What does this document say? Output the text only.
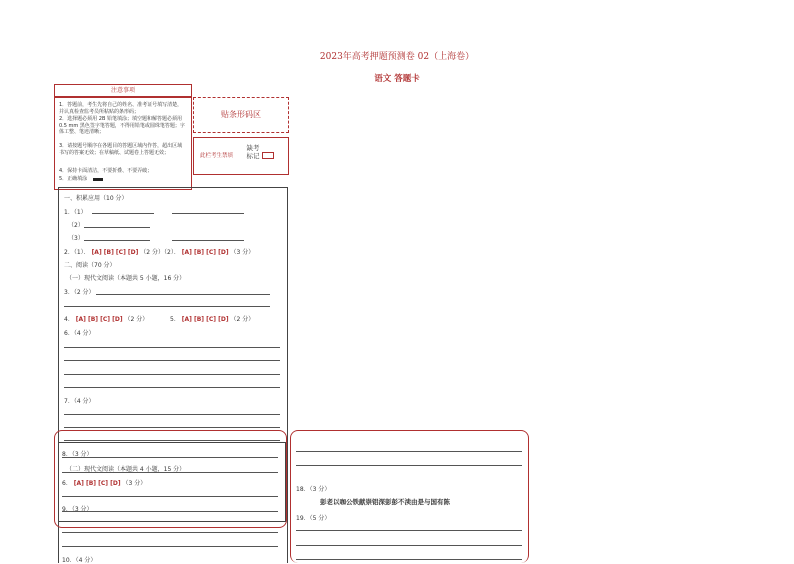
2023年高考押题预测卷 02（上海卷）
语文 答题卡
注意事项
1．答题前，考生先将自己的姓名、准考证号填写清楚，并认真检查监考员所粘贴的条形码；
2．选择题必须用 2B 铅笔填涂；填空题和解答题必须用 0.5 mm 黑色签字笔答题，不得用铅笔或圆珠笔答题；字体工整、笔迹清晰；
3．请按题号顺序在各题目的答题区域内作答，超出区域书写的答案无效；在草稿纸、试题卷上答题无效；
4．保持卡面清洁，不要折叠、不要弄破；
5．正确填涂
贴条形码区
此栏考生禁填
缺考标记
一、积累应用（10 分）
1．（1）
（2）
（3）
2．（1）． [A] [B] [C] [D] （2 分）（2）． [A] [B] [C] [D] （3 分）
二、阅读（70 分）
（一）现代文阅读（本题共 5 小题，16 分）
3．（2 分）
4． [A] [B] [C] [D] （2 分）	5． [A] [B] [C] [D] （2 分）
6．（4 分）
7．（4 分）
8．（3 分）
（二）现代文阅读（本题共 4 小题，15 分）
6． [A] [B] [C] [D] （3 分）
9．（3 分）
10．（4 分）
18．（3 分）
彭老以咖公铁献崇铝深彭彭不渎由是与国有陈
19．（5 分）
